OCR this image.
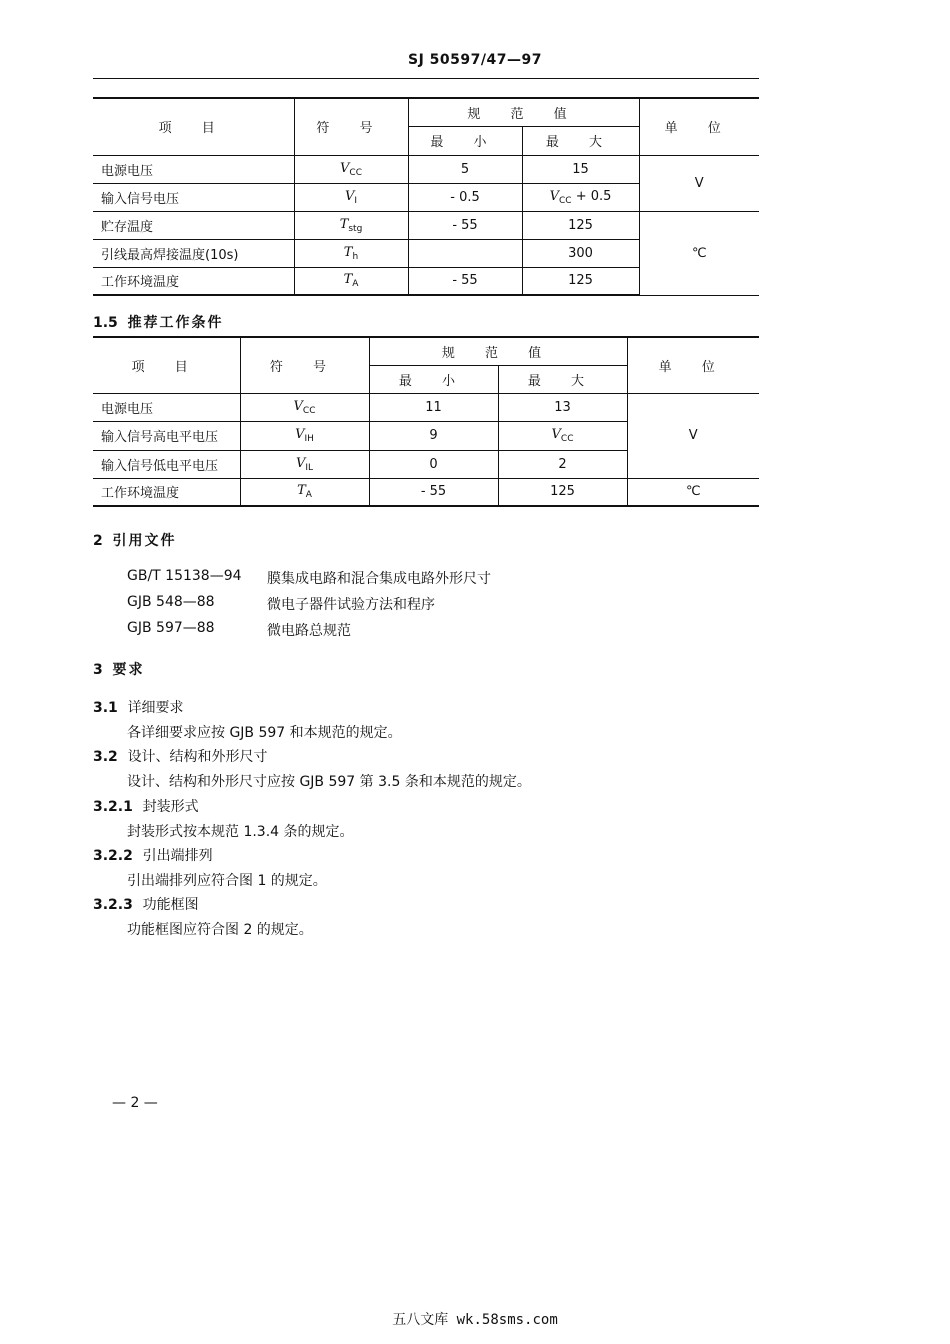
SJ 50597/47—97
项 目	符 号	规 范 值		单 位
		最 小	最 大	
电源电压	$V_{CC}$	5	15	V
输入信号电压	$V_I$	- 0.5	$V_{CC} + 0.5$	
贮存温度	$T_{stg}$	- 55	125	℃
引线最高焊接温度(10s)	$T_h$		300	
工作环境温度	$T_A$	- 55	125	
1.5 推荐工作条件
项 目	符 号	规 范 值		单 位
		最 小	最 大	
电源电压	$V_{CC}$	11	13	V
输入信号高电平电压	$V_{IH}$	9	$V_{CC}$
输入信号低电平电压	$V_{IL}$	0	2	
工作环境温度	$T_A$	- 55	125	℃
2 引用文件
GB/T 15138—94 膜集成电路和混合集成电路外形尺寸
GJB 548—88	微电子器件试验方法和程序
GJB 597—88	微电路总规范
3 要求
3.1 详细要求
各详细要求应按 GJB 597 和本规范的规定。
3.2 设计、结构和外形尺寸
设计、结构和外形尺寸应按 GJB 597 第 3.5 条和本规范的规定。
3.2.1 封装形式
封装形式按本规范 1.3.4 条的规定。
3.2.2 引出端排列
引出端排列应符合图 1 的规定。
3.2.3 功能框图
功能框图应符合图 2 的规定。
— 2 —
五八文库 wk.58sms.com
